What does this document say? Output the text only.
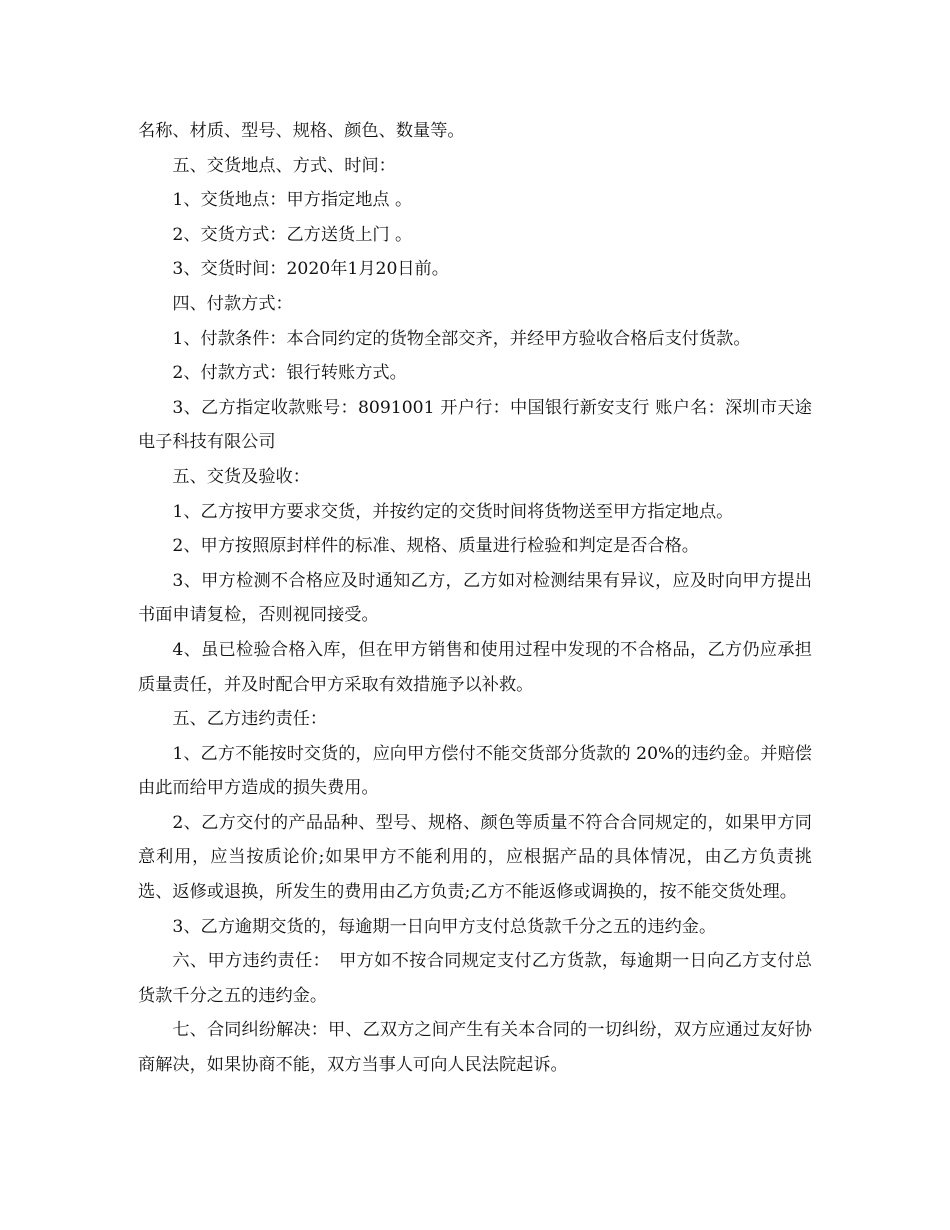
名称、材质、型号、规格、颜色、数量等。

五、交货地点、方式、时间：

1、交货地点：甲方指定地点 。

2、交货方式：乙方送货上门 。

3、交货时间：2020年1月20日前。

四、付款方式：

1、付款条件：本合同约定的货物全部交齐，并经甲方验收合格后支付货款。

2、付款方式：银行转账方式。

3、乙方指定收款账号：8091001 开户行：中国银行新安支行 账户名：深圳市天途电子科技有限公司

五、交货及验收：

1、乙方按甲方要求交货，并按约定的交货时间将货物送至甲方指定地点。

2、甲方按照原封样件的标准、规格、质量进行检验和判定是否合格。

3、甲方检测不合格应及时通知乙方，乙方如对检测结果有异议，应及时向甲方提出书面申请复检，否则视同接受。

4、虽已检验合格入库，但在甲方销售和使用过程中发现的不合格品，乙方仍应承担质量责任，并及时配合甲方采取有效措施予以补救。

五、乙方违约责任：

1、乙方不能按时交货的，应向甲方偿付不能交货部分货款的 20%的违约金。并赔偿由此而给甲方造成的损失费用。

2、乙方交付的产品品种、型号、规格、颜色等质量不符合合同规定的，如果甲方同意利用，应当按质论价;如果甲方不能利用的，应根据产品的具体情况，由乙方负责挑选、返修或退换，所发生的费用由乙方负责;乙方不能返修或调换的，按不能交货处理。

3、乙方逾期交货的，每逾期一日向甲方支付总货款千分之五的违约金。

六、甲方违约责任：　甲方如不按合同规定支付乙方货款，每逾期一日向乙方支付总货款千分之五的违约金。

七、合同纠纷解决：甲、乙双方之间产生有关本合同的一切纠纷，双方应通过友好协商解决，如果协商不能，双方当事人可向人民法院起诉。
